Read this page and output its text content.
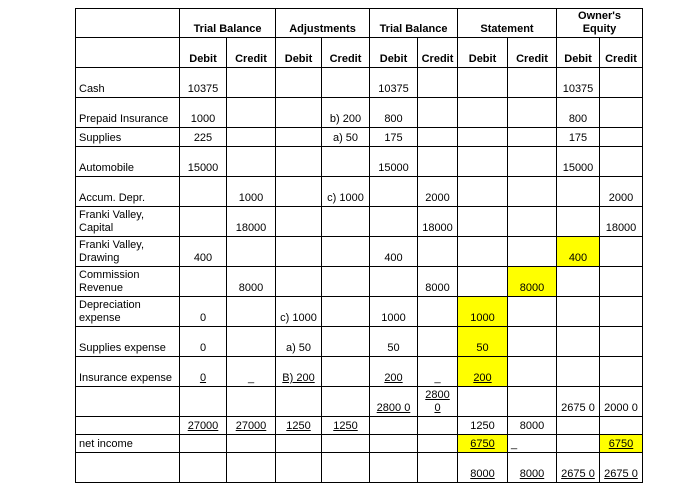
	Trial Balance		Adjustments		Trial Balance		Statement		Owner's Equity	
	Debit	Credit	Debit	Credit	Debit	Credit	Debit	Credit	Debit	Credit
Cash	10375				10375				10375	
Prepaid Insurance	1000			b) 200	800				800	
Supplies	225			a) 50	175				175	
Automobile	15000				15000				15000	
Accum. Depr.		1000		c) 1000		2000				2000
Franki Valley, Capital		18000				18000				18000
Franki Valley, Drawing	400				400				400	
Commission Revenue		8000				8000		8000		
Depreciation expense	0		c) 1000		1000		1000			
Supplies expense	0		a) 50		50		50			
Insurance expense	0	_	B) 200		200	_	200			
					2800 0	2800 0			2675 0	2000 0
	27000	27000	1250	1250			1250	8000		
net income							6750	_		6750
							8000	8000	2675 0	2675 0
